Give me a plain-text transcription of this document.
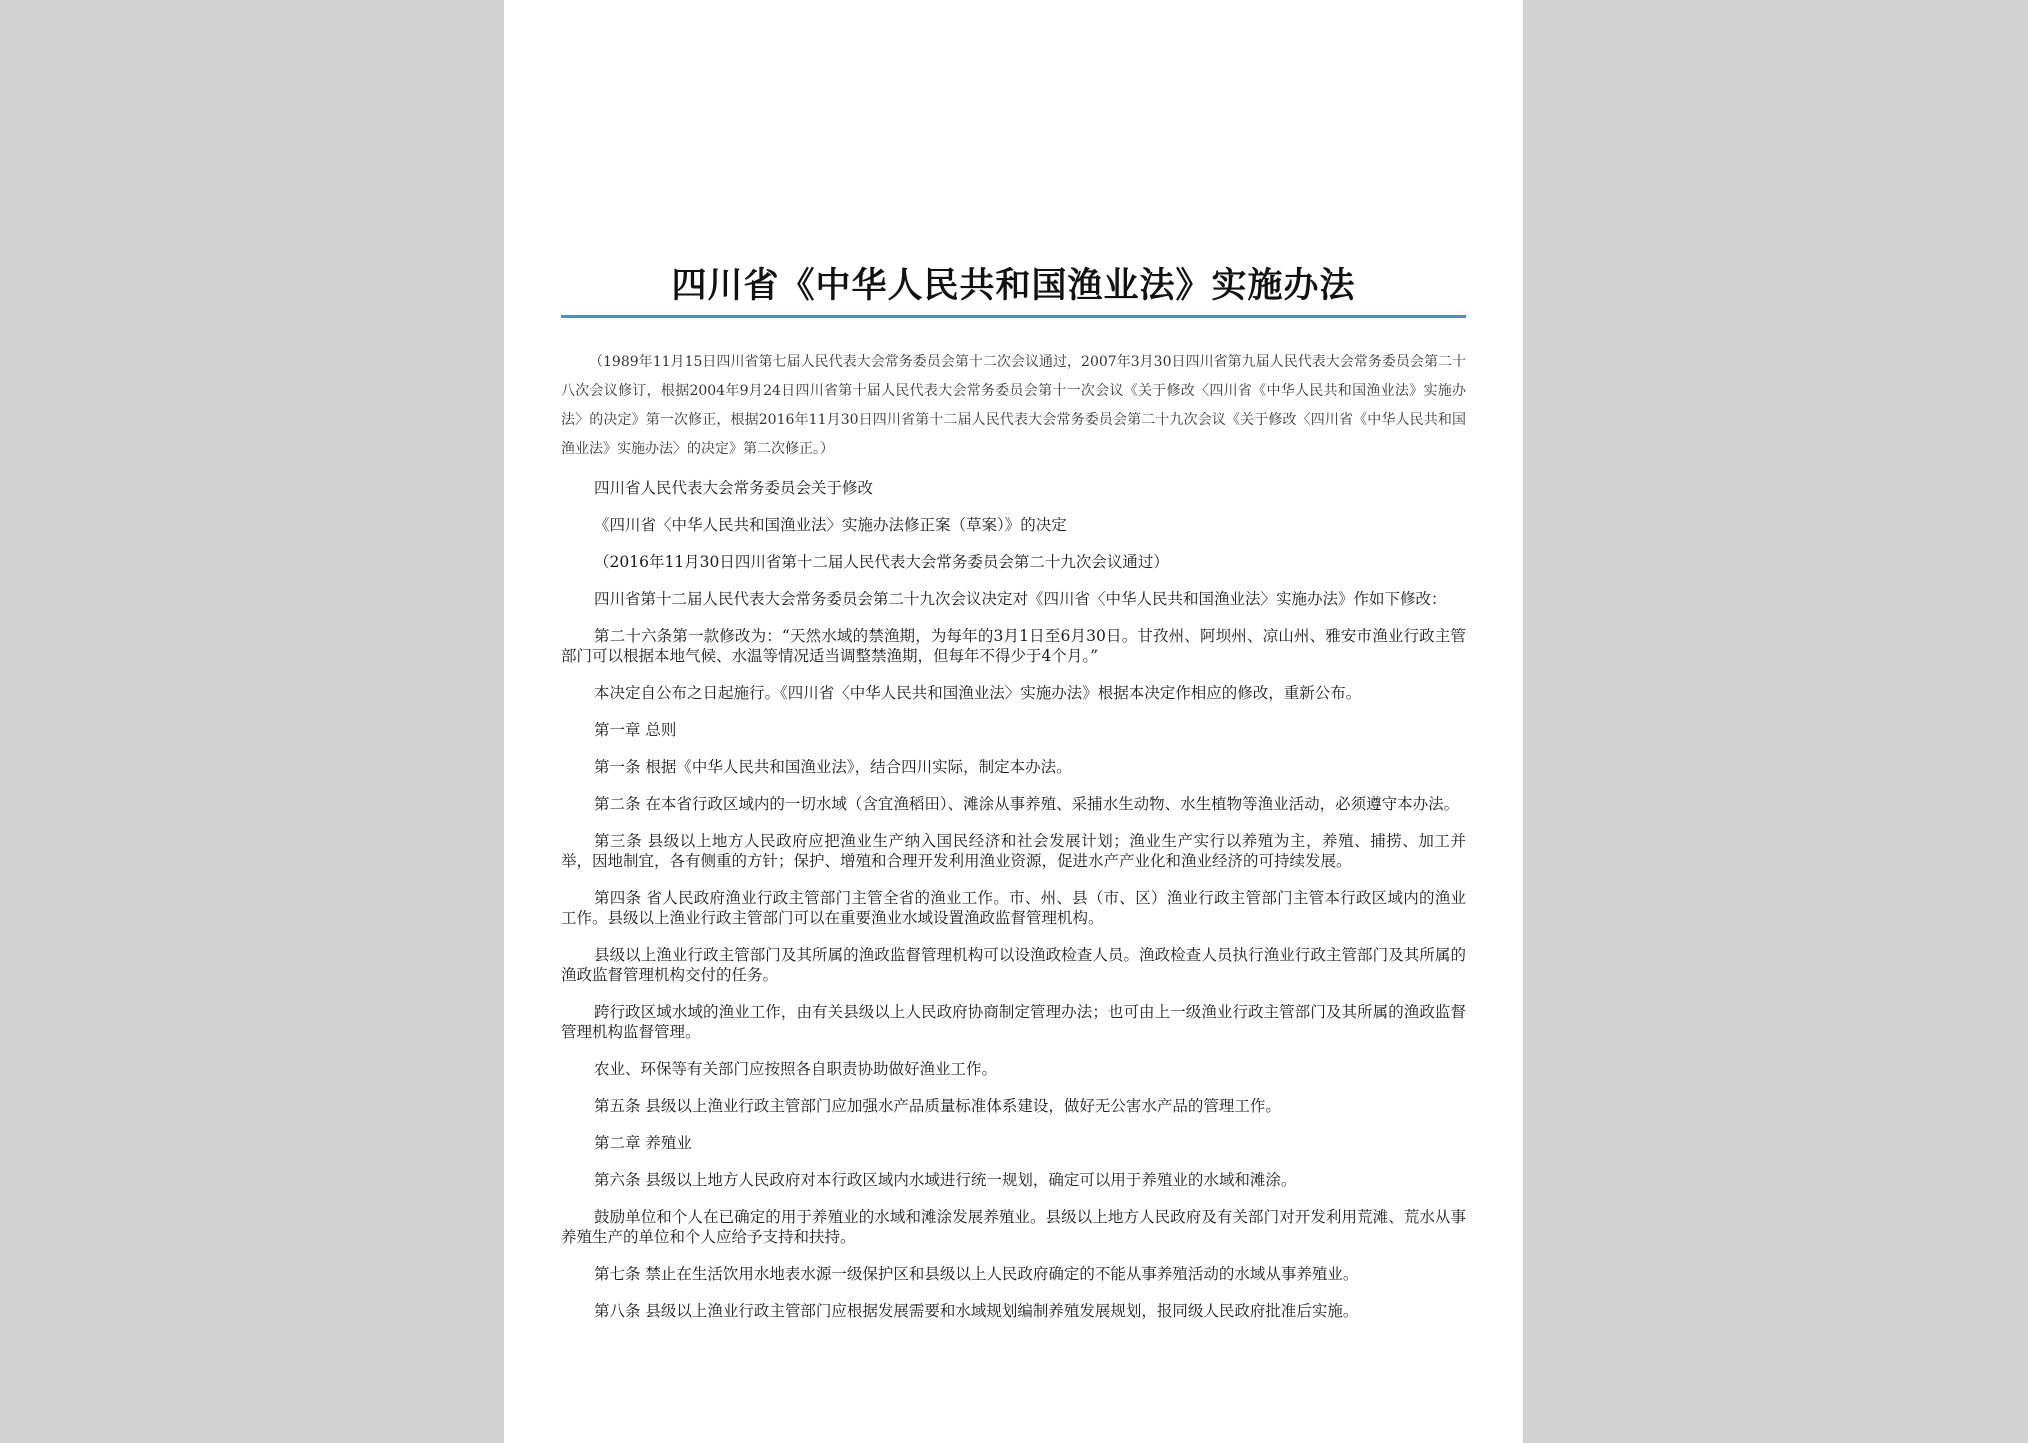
四川省《中华人民共和国渔业法》实施办法

（1989年11月15日四川省第七届人民代表大会常务委员会第十二次会议通过，2007年3月30日四川省第九届人民代表大会常务委员会第二十八次会议修订，根据2004年9月24日四川省第十届人民代表大会常务委员会第十一次会议《关于修改〈四川省《中华人民共和国渔业法》实施办法〉的决定》第一次修正，根据2016年11月30日四川省第十二届人民代表大会常务委员会第二十九次会议《关于修改〈四川省《中华人民共和国渔业法》实施办法〉的决定》第二次修正。）

四川省人民代表大会常务委员会关于修改

《四川省〈中华人民共和国渔业法〉实施办法修正案（草案）》的决定

（2016年11月30日四川省第十二届人民代表大会常务委员会第二十九次会议通过）

四川省第十二届人民代表大会常务委员会第二十九次会议决定对《四川省〈中华人民共和国渔业法〉实施办法》作如下修改：

第二十六条第一款修改为：“天然水域的禁渔期，为每年的3月1日至6月30日。甘孜州、阿坝州、凉山州、雅安市渔业行政主管部门可以根据本地气候、水温等情况适当调整禁渔期，但每年不得少于4个月。”

本决定自公布之日起施行。《四川省〈中华人民共和国渔业法〉实施办法》根据本决定作相应的修改，重新公布。

第一章 总则

第一条 根据《中华人民共和国渔业法》，结合四川实际，制定本办法。

第二条 在本省行政区域内的一切水域（含宜渔稻田）、滩涂从事养殖、采捕水生动物、水生植物等渔业活动，必须遵守本办法。

第三条 县级以上地方人民政府应把渔业生产纳入国民经济和社会发展计划；渔业生产实行以养殖为主，养殖、捕捞、加工并举，因地制宜，各有侧重的方针；保护、增殖和合理开发利用渔业资源，促进水产产业化和渔业经济的可持续发展。

第四条 省人民政府渔业行政主管部门主管全省的渔业工作。市、州、县（市、区）渔业行政主管部门主管本行政区域内的渔业工作。县级以上渔业行政主管部门可以在重要渔业水域设置渔政监督管理机构。

县级以上渔业行政主管部门及其所属的渔政监督管理机构可以设渔政检查人员。渔政检查人员执行渔业行政主管部门及其所属的渔政监督管理机构交付的任务。

跨行政区域水域的渔业工作，由有关县级以上人民政府协商制定管理办法；也可由上一级渔业行政主管部门及其所属的渔政监督管理机构监督管理。

农业、环保等有关部门应按照各自职责协助做好渔业工作。

第五条 县级以上渔业行政主管部门应加强水产品质量标准体系建设，做好无公害水产品的管理工作。

第二章 养殖业

第六条 县级以上地方人民政府对本行政区域内水域进行统一规划，确定可以用于养殖业的水域和滩涂。

鼓励单位和个人在已确定的用于养殖业的水域和滩涂发展养殖业。县级以上地方人民政府及有关部门对开发利用荒滩、荒水从事养殖生产的单位和个人应给予支持和扶持。

第七条 禁止在生活饮用水地表水源一级保护区和县级以上人民政府确定的不能从事养殖活动的水域从事养殖业。

第八条 县级以上渔业行政主管部门应根据发展需要和水域规划编制养殖发展规划，报同级人民政府批准后实施。
